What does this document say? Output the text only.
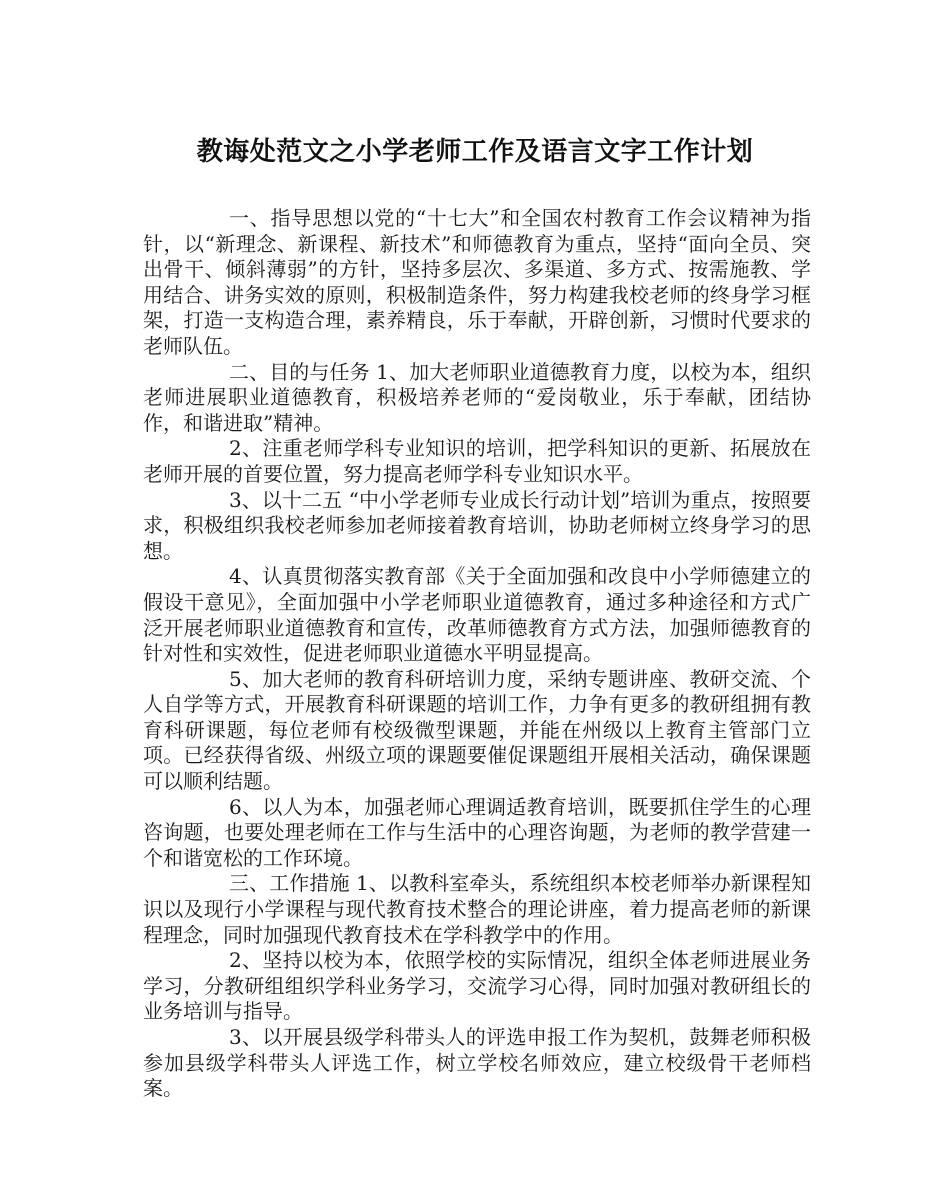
教诲处范文之小学老师工作及语言文字工作计划

一、指导思想以党的“十七大”和全国农村教育工作会议精神为指针，以“新理念、新课程、新技术”和师德教育为重点，坚持“面向全员、突出骨干、倾斜薄弱”的方针，坚持多层次、多渠道、多方式、按需施教、学用结合、讲务实效的原则，积极制造条件，努力构建我校老师的终身学习框架，打造一支构造合理，素养精良，乐于奉献，开辟创新，习惯时代要求的老师队伍。

二、目的与任务 1、加大老师职业道德教育力度，以校为本，组织老师进展职业道德教育，积极培养老师的“爱岗敬业，乐于奉献，团结协作，和谐进取”精神。

2、注重老师学科专业知识的培训，把学科知识的更新、拓展放在老师开展的首要位置，努力提高老师学科专业知识水平。

3、以十二五 “中小学老师专业成长行动计划”培训为重点，按照要求，积极组织我校老师参加老师接着教育培训，协助老师树立终身学习的思想。

4、认真贯彻落实教育部《关于全面加强和改良中小学师德建立的假设干意见》，全面加强中小学老师职业道德教育，通过多种途径和方式广泛开展老师职业道德教育和宣传，改革师德教育方式方法，加强师德教育的针对性和实效性，促进老师职业道德水平明显提高。

5、加大老师的教育科研培训力度，采纳专题讲座、教研交流、个人自学等方式，开展教育科研课题的培训工作，力争有更多的教研组拥有教育科研课题，每位老师有校级微型课题，并能在州级以上教育主管部门立项。已经获得省级、州级立项的课题要催促课题组开展相关活动，确保课题可以顺利结题。

6、以人为本，加强老师心理调适教育培训，既要抓住学生的心理咨询题，也要处理老师在工作与生活中的心理咨询题，为老师的教学营建一个和谐宽松的工作环境。

三、工作措施 1、以教科室牵头，系统组织本校老师举办新课程知识以及现行小学课程与现代教育技术整合的理论讲座，着力提高老师的新课程理念，同时加强现代教育技术在学科教学中的作用。

2、坚持以校为本，依照学校的实际情况，组织全体老师进展业务学习，分教研组组织学科业务学习，交流学习心得，同时加强对教研组长的业务培训与指导。

3、以开展县级学科带头人的评选申报工作为契机，鼓舞老师积极参加县级学科带头人评选工作，树立学校名师效应，建立校级骨干老师档案。
